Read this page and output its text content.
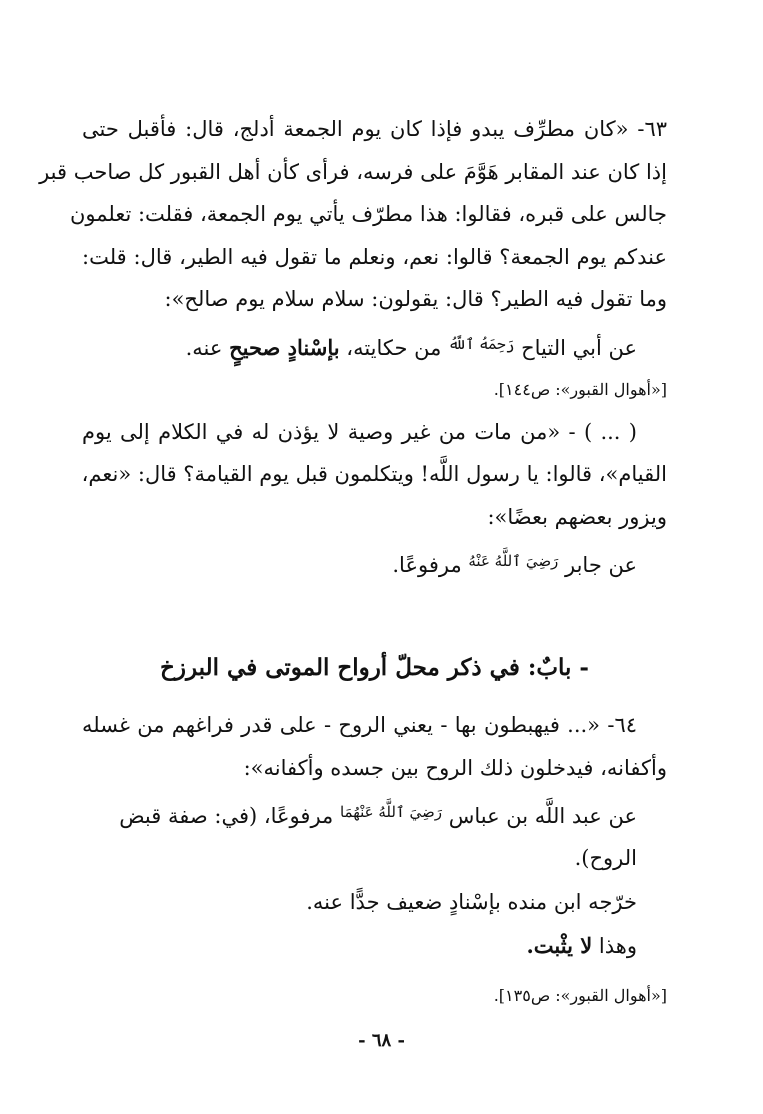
٦٣- «كان مطرِّف يبدو فإذا كان يوم الجمعة أدلج، قال: فأقبل حتى
إذا كان عند المقابر هَوَّمَ على فرسه، فرأى كأن أهل القبور كل صاحب قبر
جالس على قبره، فقالوا: هذا مطرّف يأتي يوم الجمعة، فقلت: تعلمون
عندكم يوم الجمعة؟ قالوا: نعم، ونعلم ما تقول فيه الطير، قال: قلت:
وما تقول فيه الطير؟ قال: يقولون: سلام سلام يوم صالح»:

عن أبي التياح $^{رَحِمَهُ ٱللَّهُ}$ من حكايته، بإسْنادٍ صحيحٍ عنه.

[«أهوال القبور»: ص١٤٤].

( ... ) - «من مات من غير وصية لا يؤذن له في الكلام إلى يوم
القيام»، قالوا: يا رسول اللَّه! ويتكلمون قبل يوم القيامة؟ قال: «نعم،
ويزور بعضهم بعضًا»:

عن جابر $^{رَضِيَ ٱللَّهُ عَنْهُ}$ مرفوعًا.

- بابٌ: في ذكر محلّ أرواح الموتى في البرزخ
٦٤- «... فيهبطون بها - يعني الروح - على قدر فراغهم من غسله
وأكفانه، فيدخلون ذلك الروح بين جسده وأكفانه»:

عن عبد اللَّه بن عباس $^{رَضِيَ ٱللَّهُ عَنْهُمَا}$ مرفوعًا، (في: صفة قبض الروح).

خرّجه ابن منده بإسْنادٍ ضعيف جدًّا عنه.

وهذا لا يثْبت.

[«أهوال القبور»: ص١٣٥].

- ٦٨ -
